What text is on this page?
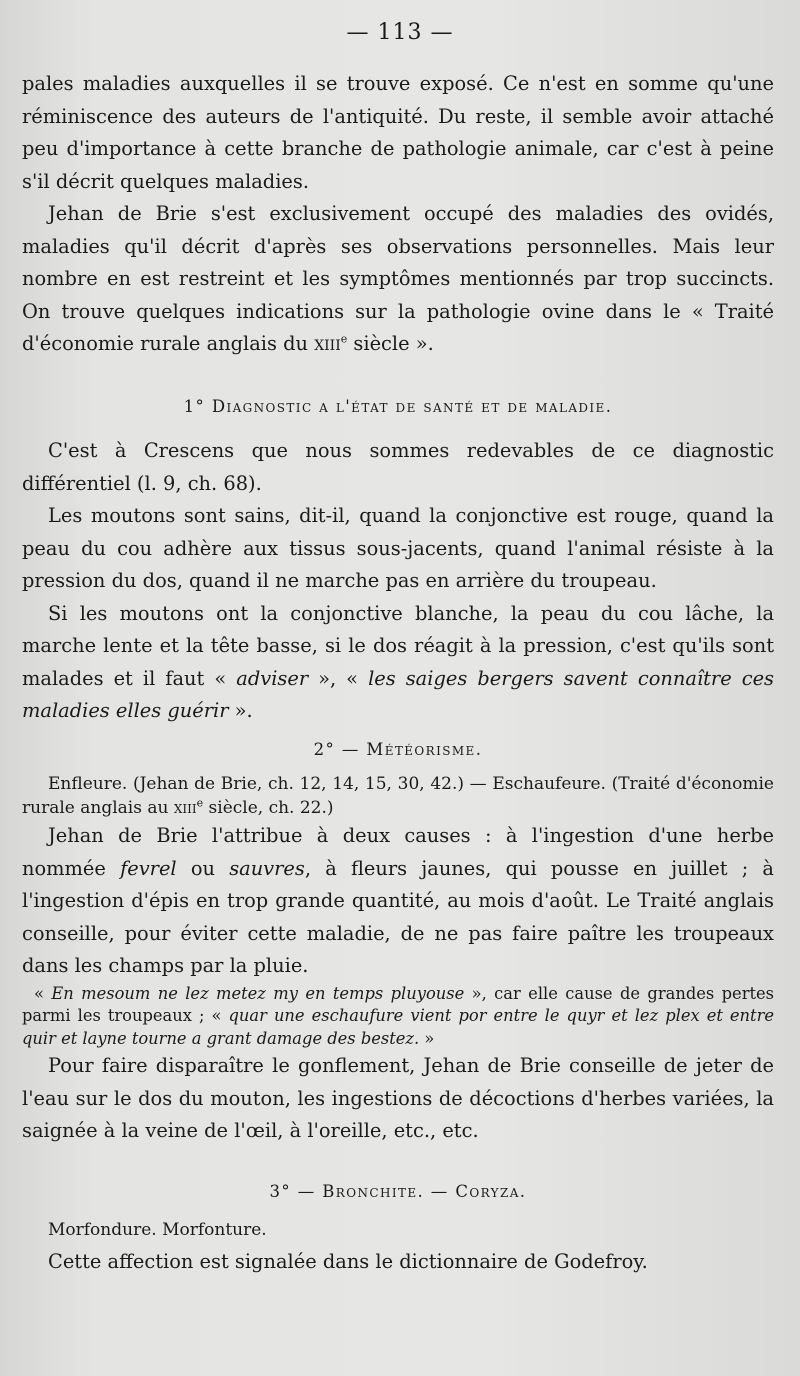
— 113 —

pales maladies auxquelles il se trouve exposé. Ce n'est en somme qu'une réminiscence des auteurs de l'antiquité. Du reste, il semble avoir attaché peu d'importance à cette branche de pathologie animale, car c'est à peine s'il décrit quelques maladies.

Jehan de Brie s'est exclusivement occupé des maladies des ovidés, maladies qu'il décrit d'après ses observations personnelles. Mais leur nombre en est restreint et les symptômes mentionnés par trop succincts. On trouve quelques indications sur la pathologie ovine dans le « Traité d'économie rurale anglais du xiii$^e$ siècle ».

1° Diagnostic a l'état de santé et de maladie.

C'est à Crescens que nous sommes redevables de ce diagnostic différentiel (l. 9, ch. 68).

Les moutons sont sains, dit-il, quand la conjonctive est rouge, quand la peau du cou adhère aux tissus sous-jacents, quand l'animal résiste à la pression du dos, quand il ne marche pas en arrière du troupeau.

Si les moutons ont la conjonctive blanche, la peau du cou lâche, la marche lente et la tête basse, si le dos réagit à la pression, c'est qu'ils sont malades et il faut « adviser », « les saiges bergers savent connaître ces maladies elles guérir ».

2° — Météorisme.

Enfleure. (Jehan de Brie, ch. 12, 14, 15, 30, 42.) — Eschaufeure. (Traité d'économie rurale anglais au xiii$^e$ siècle, ch. 22.)

Jehan de Brie l'attribue à deux causes : à l'ingestion d'une herbe nommée fevrel ou sauvres, à fleurs jaunes, qui pousse en juillet ; à l'ingestion d'épis en trop grande quantité, au mois d'août. Le Traité anglais conseille, pour éviter cette maladie, de ne pas faire paître les troupeaux dans les champs par la pluie.

« En mesoum ne lez metez my en temps pluyouse », car elle cause de grandes pertes parmi les troupeaux ; « quar une eschaufure vient por entre le quyr et lez plex et entre quir et layne tourne a grant damage des bestez. »

Pour faire disparaître le gonflement, Jehan de Brie conseille de jeter de l'eau sur le dos du mouton, les ingestions de décoctions d'herbes variées, la saignée à la veine de l'œil, à l'oreille, etc., etc.

3° — Bronchite. — Coryza.

Morfondure. Morfonture.

Cette affection est signalée dans le dictionnaire de Godefroy.
